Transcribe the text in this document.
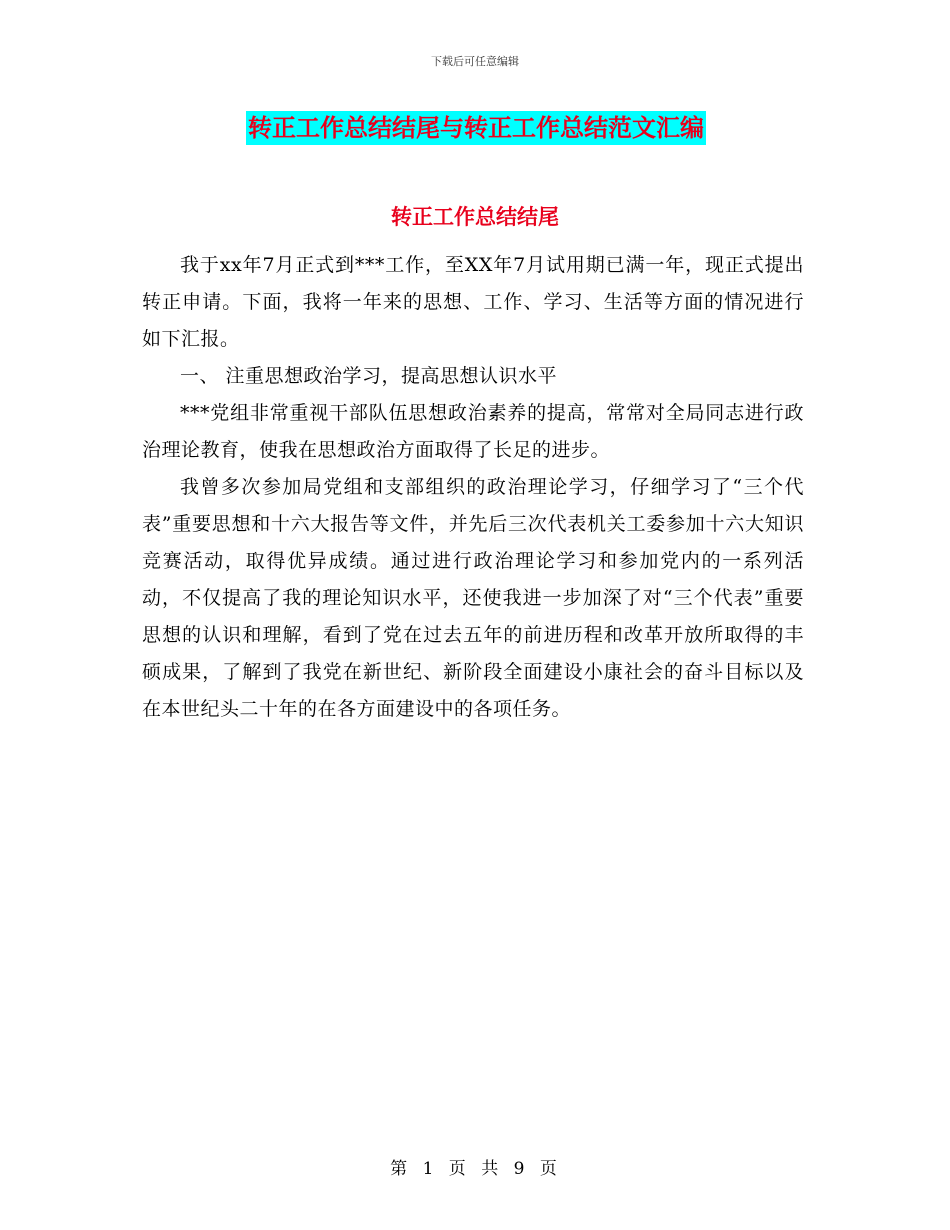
下载后可任意编辑
转正工作总结结尾与转正工作总结范文汇编
转正工作总结结尾

我于xx年7月正式到***工作，至XX年7月试用期已满一年，现正式提出转正申请。下面，我将一年来的思想、工作、学习、生活等方面的情况进行如下汇报。

一、 注重思想政治学习，提高思想认识水平

***党组非常重视干部队伍思想政治素养的提高，常常对全局同志进行政治理论教育，使我在思想政治方面取得了长足的进步。

我曾多次参加局党组和支部组织的政治理论学习，仔细学习了“三个代表”重要思想和十六大报告等文件，并先后三次代表机关工委参加十六大知识竞赛活动，取得优异成绩。通过进行政治理论学习和参加党内的一系列活动，不仅提高了我的理论知识水平，还使我进一步加深了对“三个代表”重要思想的认识和理解，看到了党在过去五年的前进历程和改革开放所取得的丰硕成果，了解到了我党在新世纪、新阶段全面建设小康社会的奋斗目标以及在本世纪头二十年的在各方面建设中的各项任务。

第 1 页 共 9 页
